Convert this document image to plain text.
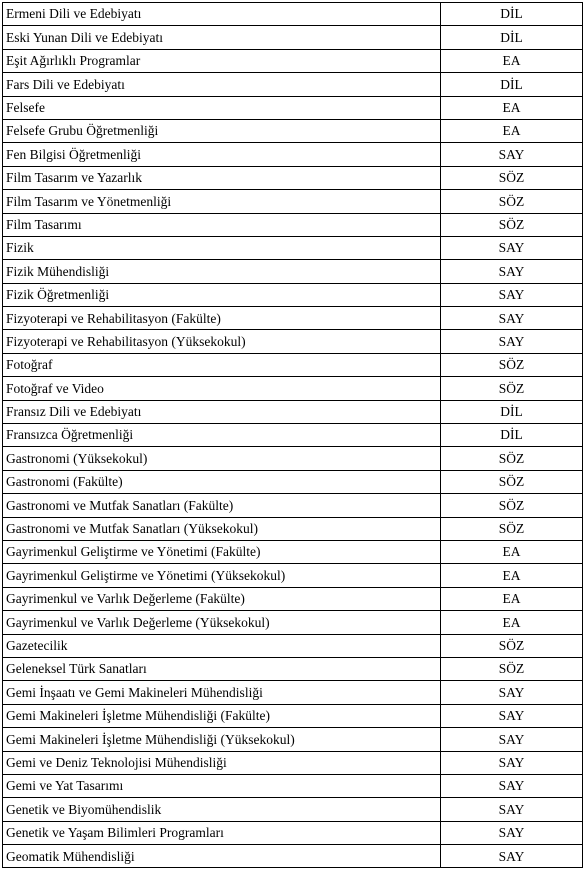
Ermeni Dili ve Edebiyatı	DİL
Eski Yunan Dili ve Edebiyatı	DİL
Eşit Ağırlıklı Programlar	EA
Fars Dili ve Edebiyatı	DİL
Felsefe	EA
Felsefe Grubu Öğretmenliği	EA
Fen Bilgisi Öğretmenliği	SAY
Film Tasarım ve Yazarlık	SÖZ
Film Tasarım ve Yönetmenliği	SÖZ
Film Tasarımı	SÖZ
Fizik	SAY
Fizik Mühendisliği	SAY
Fizik Öğretmenliği	SAY
Fizyoterapi ve Rehabilitasyon (Fakülte)	SAY
Fizyoterapi ve Rehabilitasyon (Yüksekokul)	SAY
Fotoğraf	SÖZ
Fotoğraf ve Video	SÖZ
Fransız Dili ve Edebiyatı	DİL
Fransızca Öğretmenliği	DİL
Gastronomi (Yüksekokul)	SÖZ
Gastronomi (Fakülte)	SÖZ
Gastronomi ve Mutfak Sanatları (Fakülte)	SÖZ
Gastronomi ve Mutfak Sanatları (Yüksekokul)	SÖZ
Gayrimenkul Geliştirme ve Yönetimi (Fakülte)	EA
Gayrimenkul Geliştirme ve Yönetimi (Yüksekokul)	EA
Gayrimenkul ve Varlık Değerleme (Fakülte)	EA
Gayrimenkul ve Varlık Değerleme (Yüksekokul)	EA
Gazetecilik	SÖZ
Geleneksel Türk Sanatları	SÖZ
Gemi İnşaatı ve Gemi Makineleri Mühendisliği	SAY
Gemi Makineleri İşletme Mühendisliği (Fakülte)	SAY
Gemi Makineleri İşletme Mühendisliği (Yüksekokul)	SAY
Gemi ve Deniz Teknolojisi Mühendisliği	SAY
Gemi ve Yat Tasarımı	SAY
Genetik ve Biyomühendislik	SAY
Genetik ve Yaşam Bilimleri Programları	SAY
Geomatik Mühendisliği	SAY
